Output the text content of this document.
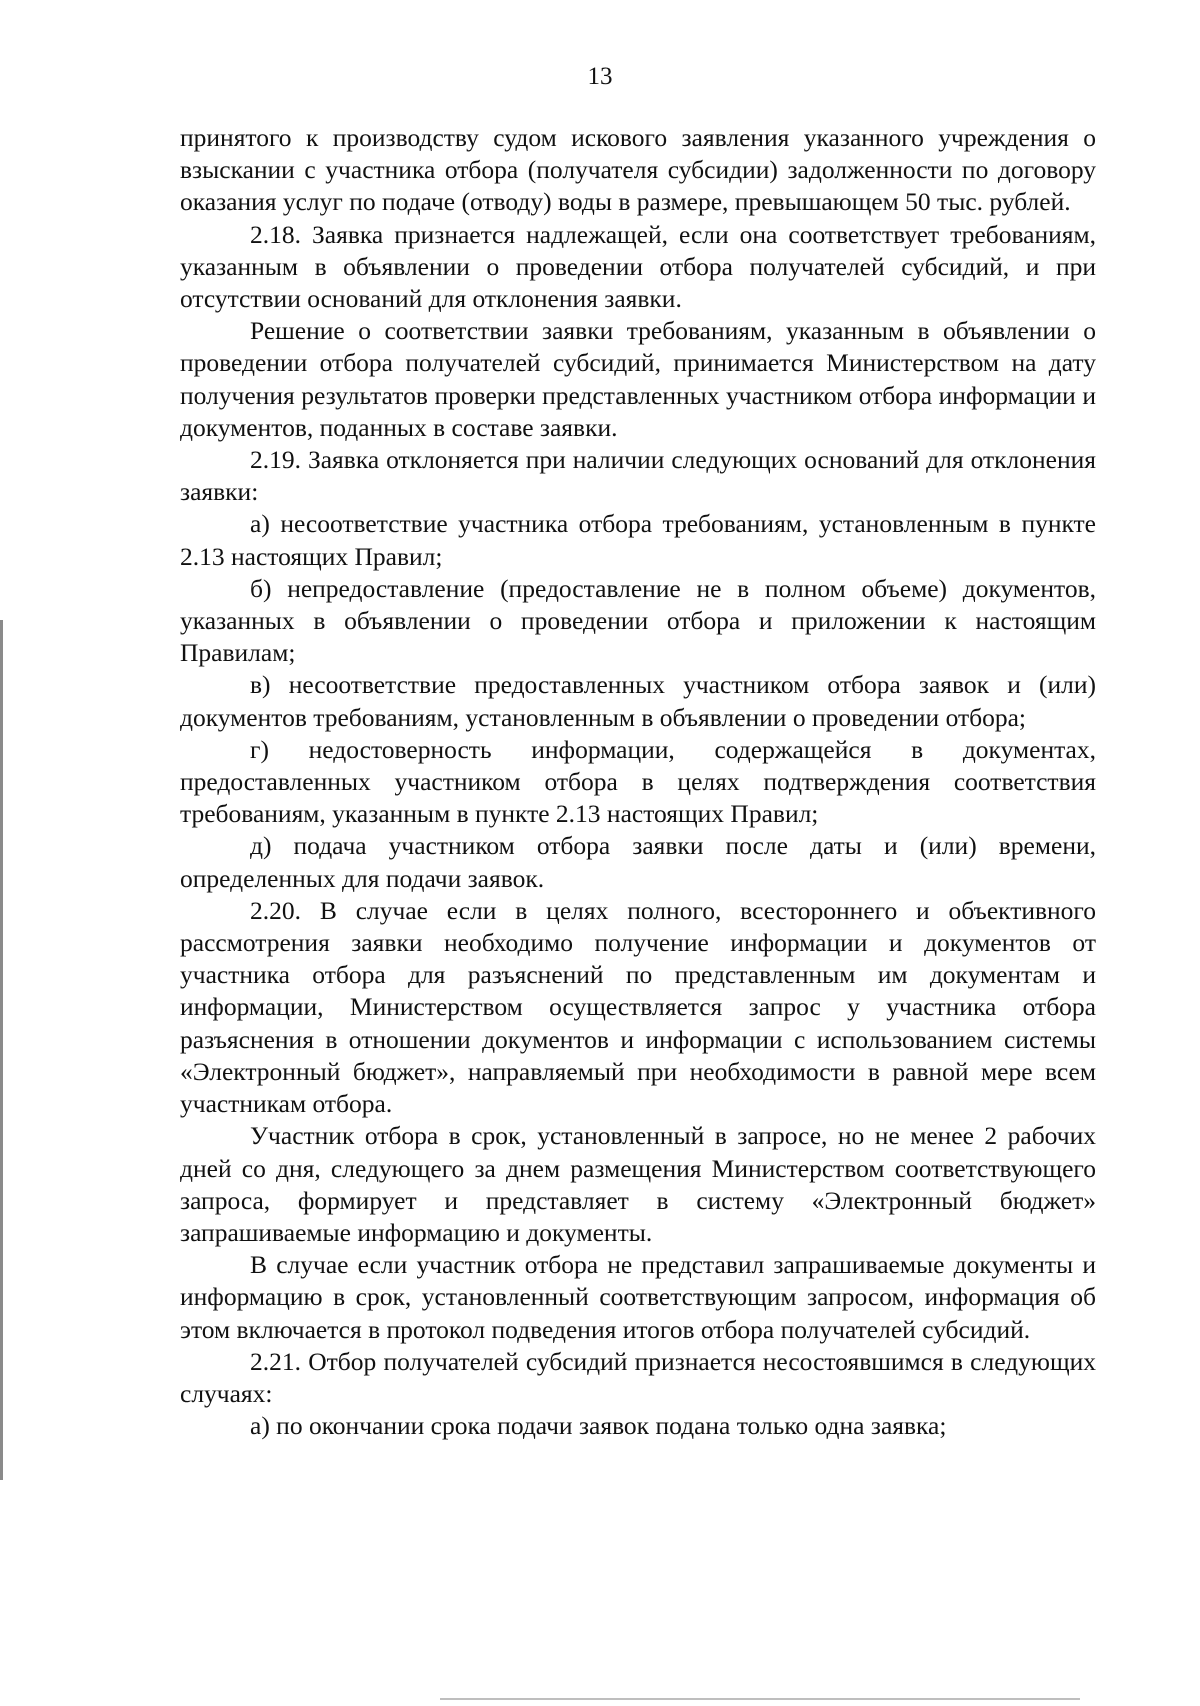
13

принятого к производству судом искового заявления указанного учреждения о взыскании с участника отбора (получателя субсидии) задолженности по договору оказания услуг по подаче (отводу) воды в размере, превышающем 50 тыс. рублей.

2.18. Заявка признается надлежащей, если она соответствует требованиям, указанным в объявлении о проведении отбора получателей субсидий, и при отсутствии оснований для отклонения заявки.

Решение о соответствии заявки требованиям, указанным в объявлении о проведении отбора получателей субсидий, принимается Министерством на дату получения результатов проверки представленных участником отбора информации и документов, поданных в составе заявки.

2.19. Заявка отклоняется при наличии следующих оснований для отклонения заявки:

а) несоответствие участника отбора требованиям, установленным в пункте 2.13 настоящих Правил;

б) непредоставление (предоставление не в полном объеме) документов, указанных в объявлении о проведении отбора и приложении к настоящим Правилам;

в) несоответствие предоставленных участником отбора заявок и (или) документов требованиям, установленным в объявлении о проведении отбора;

г) недостоверность информации, содержащейся в документах, предоставленных участником отбора в целях подтверждения соответствия требованиям, указанным в пункте 2.13 настоящих Правил;

д) подача участником отбора заявки после даты и (или) времени, определенных для подачи заявок.

2.20. В случае если в целях полного, всестороннего и объективного рассмотрения заявки необходимо получение информации и документов от участника отбора для разъяснений по представленным им документам и информации, Министерством осуществляется запрос у участника отбора разъяснения в отношении документов и информации с использованием системы «Электронный бюджет», направляемый при необходимости в равной мере всем участникам отбора.

Участник отбора в срок, установленный в запросе, но не менее 2 рабочих дней со дня, следующего за днем размещения Министерством соответствующего запроса, формирует и представляет в систему «Электронный бюджет» запрашиваемые информацию и документы.

В случае если участник отбора не представил запрашиваемые документы и информацию в срок, установленный соответствующим запросом, информация об этом включается в протокол подведения итогов отбора получателей субсидий.

2.21. Отбор получателей субсидий признается несостоявшимся в следующих случаях:

а) по окончании срока подачи заявок подана только одна заявка;
